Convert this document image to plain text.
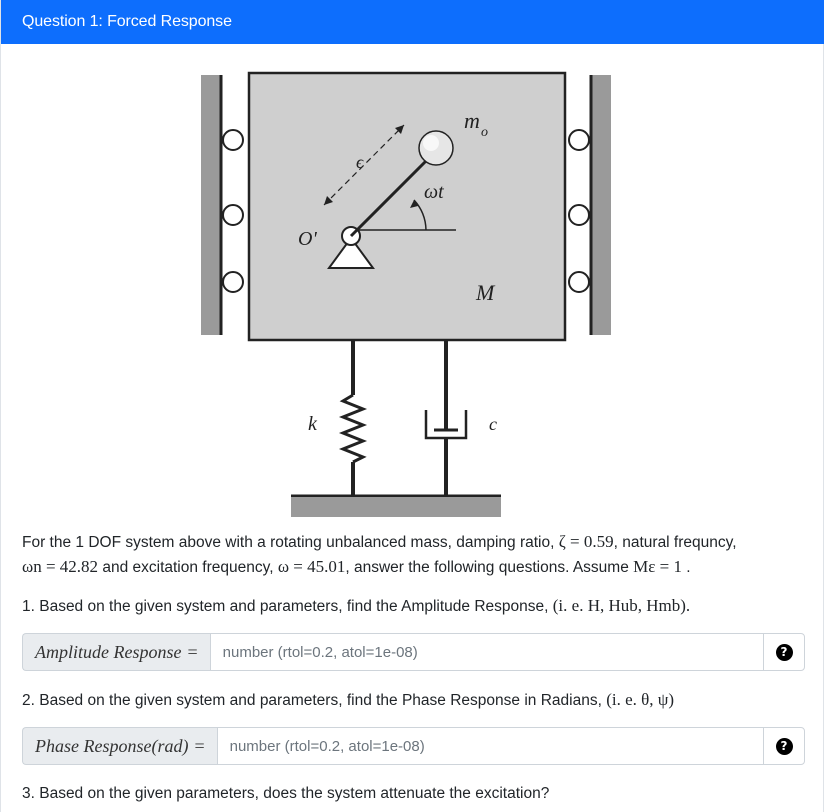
Question 1: Forced Response
m o
ϵ
ωt
O'
M
k	c
For the 1 DOF system above with a rotating unbalanced mass, damping ratio, ζ = 0.59, natural frequncy,
ωn = 42.82 and excitation frequency, ω = 45.01, answer the following questions. Assume Mε = 1 .
1. Based on the given system and parameters, find the Amplitude Response, (i. e. H, Hub, Hmb).
Amplitude Response =
number (rtol=0.2, atol=1e-08)	?
2. Based on the given system and parameters, find the Phase Response in Radians, (i. e. θ, ψ)
Phase Response(rad) =
number (rtol=0.2, atol=1e-08)	?
3. Based on the given parameters, does the system attenuate the excitation?
